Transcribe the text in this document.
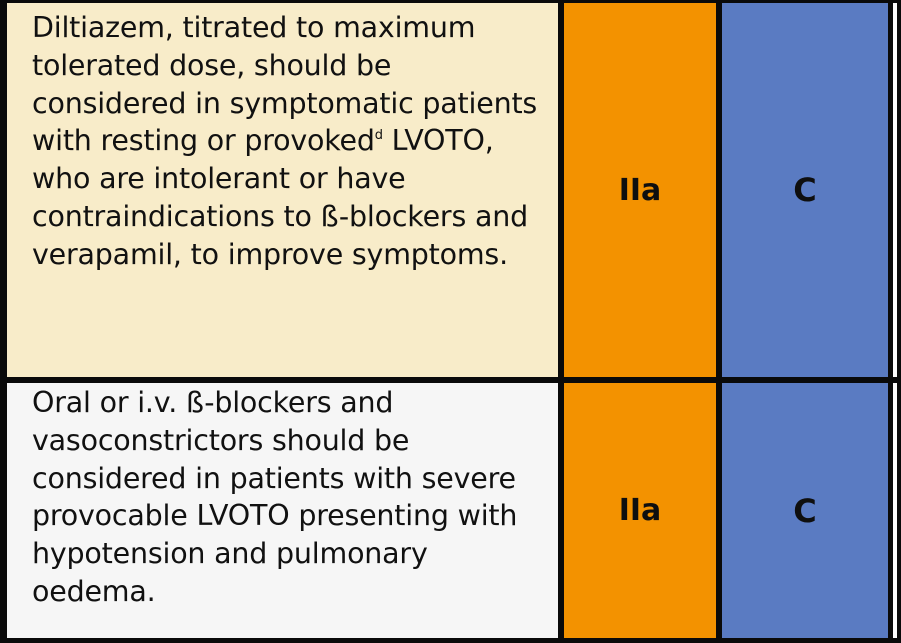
Diltiazem, titrated to maximum tolerated dose, should be considered in symptomatic patients with resting or provoked$^d$ LVOTO, who are intolerant or have contraindications to ß-blockers and verapamil, to improve symptoms.
IIa	C
Oral or i.v. ß-blockers and vasoconstrictors should be considered in patients with severe provocable LVOTO presenting with hypotension and pulmonary oedema.
IIa	C
